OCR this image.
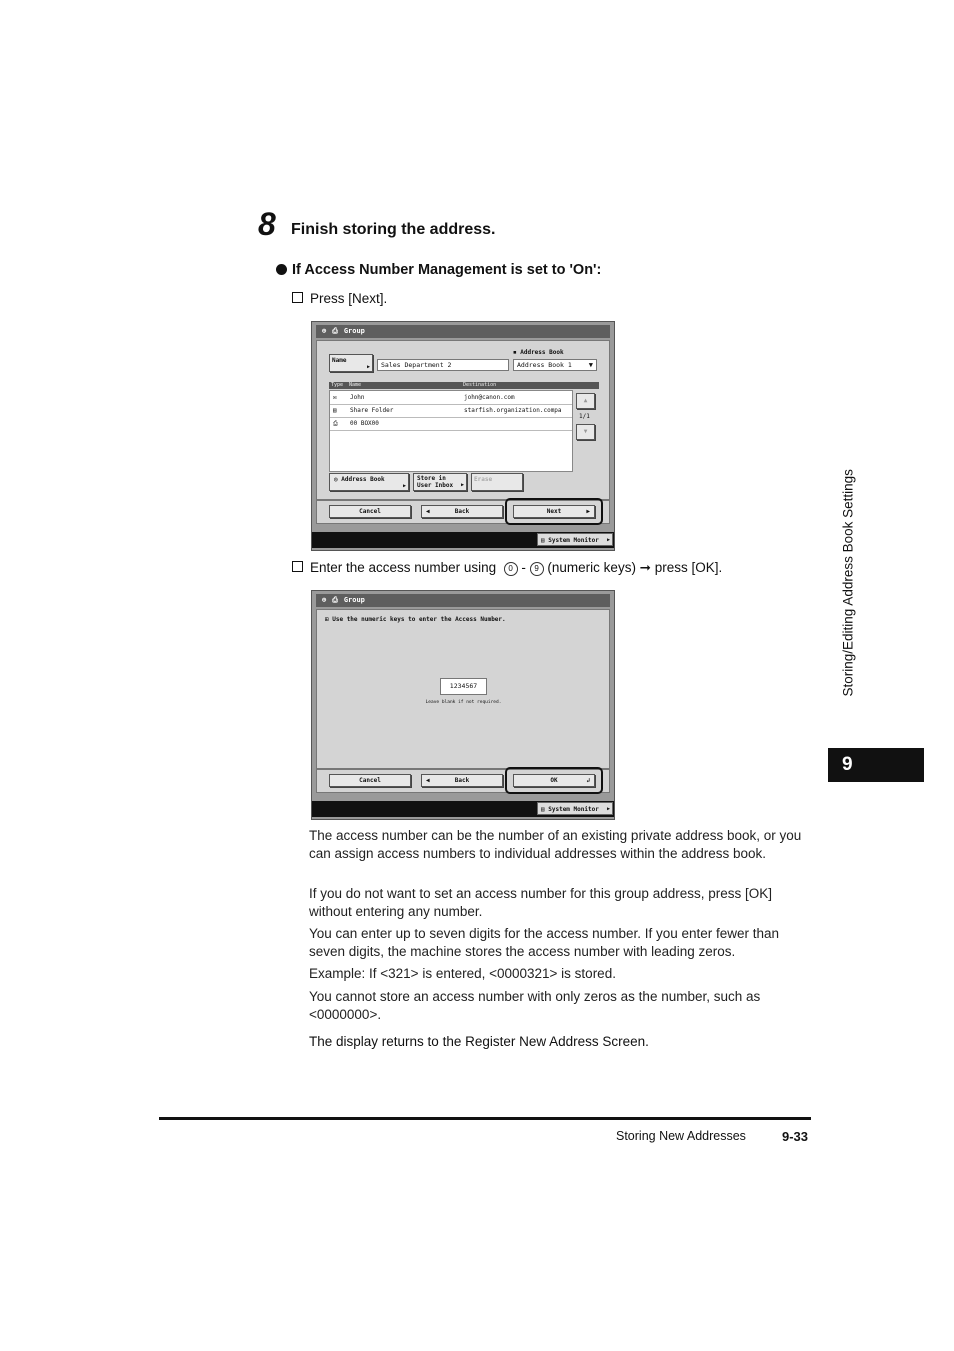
8 Finish storing the address.
If Access Number Management is set to 'On':
Press [Next].
⊕ ⎙ Group
Name
▶	Sales Department 2
◾ Address Book
Address Book 1 ▼
Type Name	Destination
✉ John	john@canon.com
▤ Share Folder	starfish.organization.compa
⎙ 00 BOX00
▲
1/1
▼
◎ Address Book
▶
Store in User Inbox ▶
Erase
Cancel	◀	Back	Next	▶
▤ System Monitor ▶
Enter the access number using 0 - 9 (numeric keys) ➞ press [OK].
⊕ ⎙ Group
⊞ Use the numeric keys to enter the Access Number.
1234567
Leave blank if not required.
Cancel	◀	Back	OK	↲
▤ System Monitor ▶
The access number can be the number of an existing private address book, or you can assign access numbers to individual addresses within the address book.
If you do not want to set an access number for this group address, press [OK] without entering any number.
You can enter up to seven digits for the access number. If you enter fewer than seven digits, the machine stores the access number with leading zeros.
Example: If <321> is entered, <0000321> is stored.
You cannot store an access number with only zeros as the number, such as <0000000>.
The display returns to the Register New Address Screen.
Storing/Editing Address Book Settings
9
Storing New Addresses	9-33
